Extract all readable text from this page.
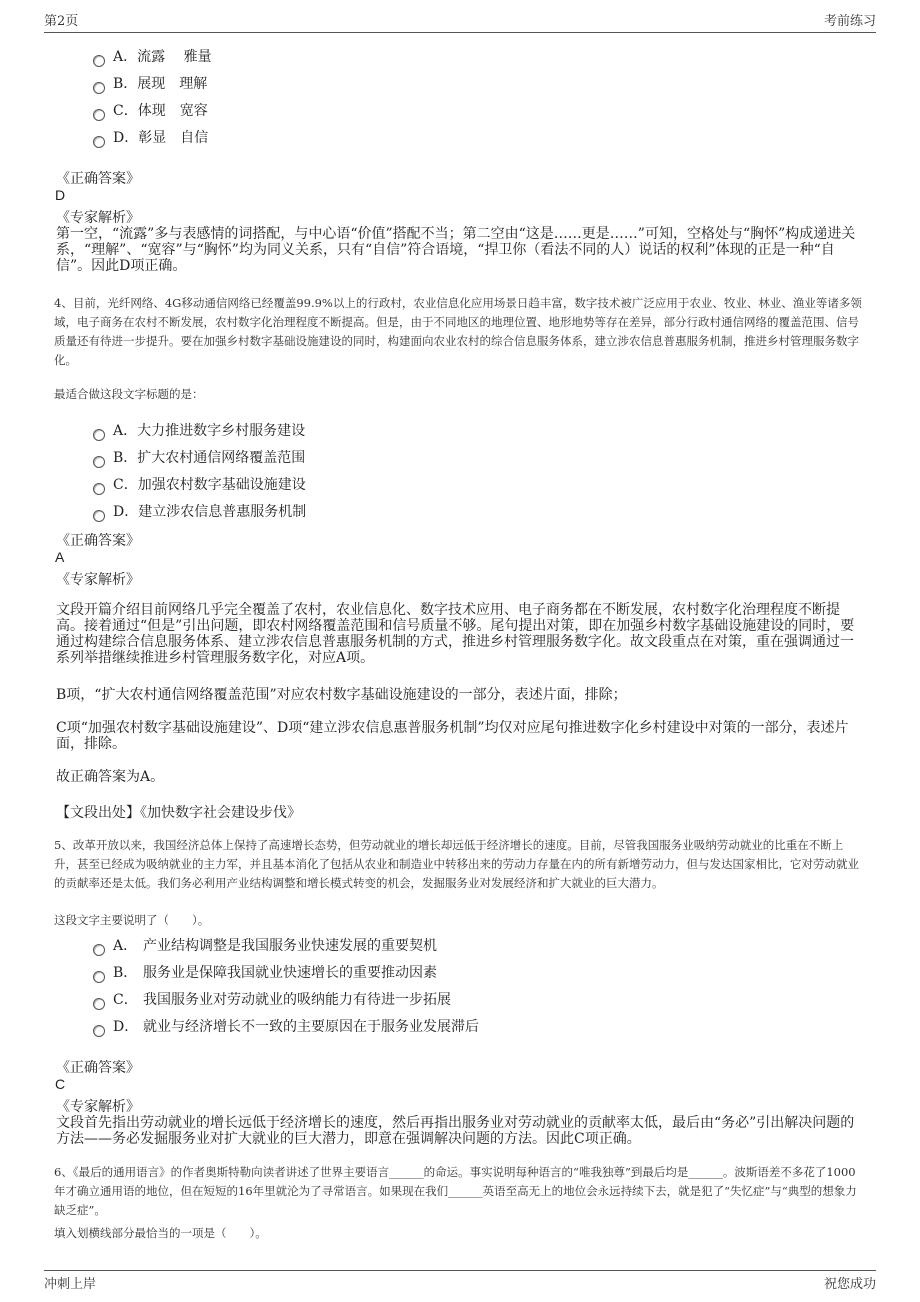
第2页	考前练习
A．流露　 雅量
B．展现　理解
C．体现　宽容
D．彰显　自信
《正确答案》
D
《专家解析》
第一空，“流露”多与表感情的词搭配，与中心语“价值”搭配不当；第二空由“这是……更是……”可知，空格处与“胸怀”构成递进关系，“理解”、“宽容”与“胸怀”均为同义关系，只有“自信”符合语境，“捍卫你（看法不同的人）说话的权利”体现的正是一种“自信”。因此D项正确。
4、目前，光纤网络、4G移动通信网络已经覆盖99.9%以上的行政村，农业信息化应用场景日趋丰富，数字技术被广泛应用于农业、牧业、林业、渔业等诸多领域，电子商务在农村不断发展，农村数字化治理程度不断提高。但是，由于不同地区的地理位置、地形地势等存在差异，部分行政村通信网络的覆盖范围、信号质量还有待进一步提升。要在加强乡村数字基础设施建设的同时，构建面向农业农村的综合信息服务体系，建立涉农信息普惠服务机制，推进乡村管理服务数字化。
最适合做这段文字标题的是：
A．大力推进数字乡村服务建设
B．扩大农村通信网络覆盖范围
C．加强农村数字基础设施建设
D．建立涉农信息普惠服务机制
《正确答案》
A
《专家解析》
文段开篇介绍目前网络几乎完全覆盖了农村，农业信息化、数字技术应用、电子商务都在不断发展，农村数字化治理程度不断提高。接着通过“但是”引出问题，即农村网络覆盖范围和信号质量不够。尾句提出对策，即在加强乡村数字基础设施建设的同时，要通过构建综合信息服务体系、建立涉农信息普惠服务机制的方式，推进乡村管理服务数字化。故文段重点在对策，重在强调通过一系列举措继续推进乡村管理服务数字化，对应A项。
B项，“扩大农村通信网络覆盖范围”对应农村数字基础设施建设的一部分，表述片面，排除；
C项“加强农村数字基础设施建设”、D项“建立涉农信息惠普服务机制”均仅对应尾句推进数字化乡村建设中对策的一部分，表述片面，排除。
故正确答案为A。
【文段出处】《加快数字社会建设步伐》
5、改革开放以来，我国经济总体上保持了高速增长态势，但劳动就业的增长却远低于经济增长的速度。目前，尽管我国服务业吸纳劳动就业的比重在不断上升，甚至已经成为吸纳就业的主力军，并且基本消化了包括从农业和制造业中转移出来的劳动力存量在内的所有新增劳动力，但与发达国家相比，它对劳动就业的贡献率还是太低。我们务必利用产业结构调整和增长模式转变的机会，发掘服务业对发展经济和扩大就业的巨大潜力。
这段文字主要说明了（　　）。
A． 产业结构调整是我国服务业快速发展的重要契机
B． 服务业是保障我国就业快速增长的重要推动因素
C． 我国服务业对劳动就业的吸纳能力有待进一步拓展
D． 就业与经济增长不一致的主要原因在于服务业发展滞后
《正确答案》
C
《专家解析》
文段首先指出劳动就业的增长远低于经济增长的速度，然后再指出服务业对劳动就业的贡献率太低，最后由“务必”引出解决问题的方法——务必发掘服务业对扩大就业的巨大潜力，即意在强调解决问题的方法。因此C项正确。
6、《最后的通用语言》的作者奥斯特勒向读者讲述了世界主要语言______的命运。事实说明每种语言的“唯我独尊”到最后均是______。波斯语差不多花了1000年才确立通用语的地位，但在短短的16年里就沦为了寻常语言。如果现在我们______英语至高无上的地位会永远持续下去，就是犯了“失忆症”与“典型的想象力缺乏症”。
填入划横线部分最恰当的一项是（　　）。
冲刺上岸	祝您成功
